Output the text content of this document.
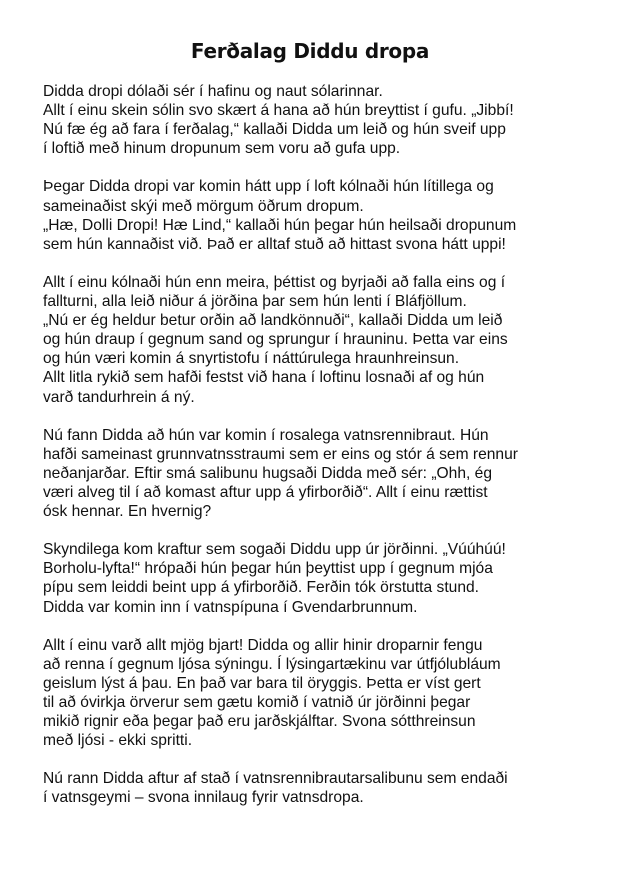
Ferðalag Diddu dropa

Didda dropi dólaði sér í hafinu og naut sólarinnar.
Allt í einu skein sólin svo skært á hana að hún breyttist í gufu. „Jibbí!
Nú fæ ég að fara í ferðalag,“ kallaði Didda um leið og hún sveif upp
í loftið með hinum dropunum sem voru að gufa upp.

Þegar Didda dropi var komin hátt upp í loft kólnaði hún lítillega og
sameinaðist skýi með mörgum öðrum dropum.
„Hæ, Dolli Dropi! Hæ Lind,“ kallaði hún þegar hún heilsaði dropunum
sem hún kannaðist við. Það er alltaf stuð að hittast svona hátt uppi!

Allt í einu kólnaði hún enn meira, þéttist og byrjaði að falla eins og í
fallturni, alla leið niður á jörðina þar sem hún lenti í Bláfjöllum.
„Nú er ég heldur betur orðin að landkönnuði“, kallaði Didda um leið
og hún draup í gegnum sand og sprungur í hrauninu. Þetta var eins
og hún væri komin á snyrtistofu í náttúrulega hraunhreinsun.
Allt litla rykið sem hafði festst við hana í loftinu losnaði af og hún
varð tandurhrein á ný.

Nú fann Didda að hún var komin í rosalega vatnsrennibraut. Hún
hafði sameinast grunnvatnsstraumi sem er eins og stór á sem rennur
neðanjarðar. Eftir smá salibunu hugsaði Didda með sér: „Ohh, ég
væri alveg til í að komast aftur upp á yfirborðið“. Allt í einu rættist
ósk hennar. En hvernig?

Skyndilega kom kraftur sem sogaði Diddu upp úr jörðinni. „Vúúhúú!
Borholu-lyfta!“ hrópaði hún þegar hún þeyttist upp í gegnum mjóa
pípu sem leiddi beint upp á yfirborðið. Ferðin tók örstutta stund.
Didda var komin inn í vatnspípuna í Gvendarbrunnum.

Allt í einu varð allt mjög bjart! Didda og allir hinir droparnir fengu
að renna í gegnum ljósa sýningu. Í lýsingartækinu var útfjólubláum
geislum lýst á þau. En það var bara til öryggis. Þetta er víst gert
til að óvirkja örverur sem gætu komið í vatnið úr jörðinni þegar
mikið rignir eða þegar það eru jarðskjálftar. Svona sótthreinsun
með ljósi - ekki spritti.

Nú rann Didda aftur af stað í vatnsrennibrautarsalibunu sem endaði
í vatnsgeymi – svona innilaug fyrir vatnsdropa.
